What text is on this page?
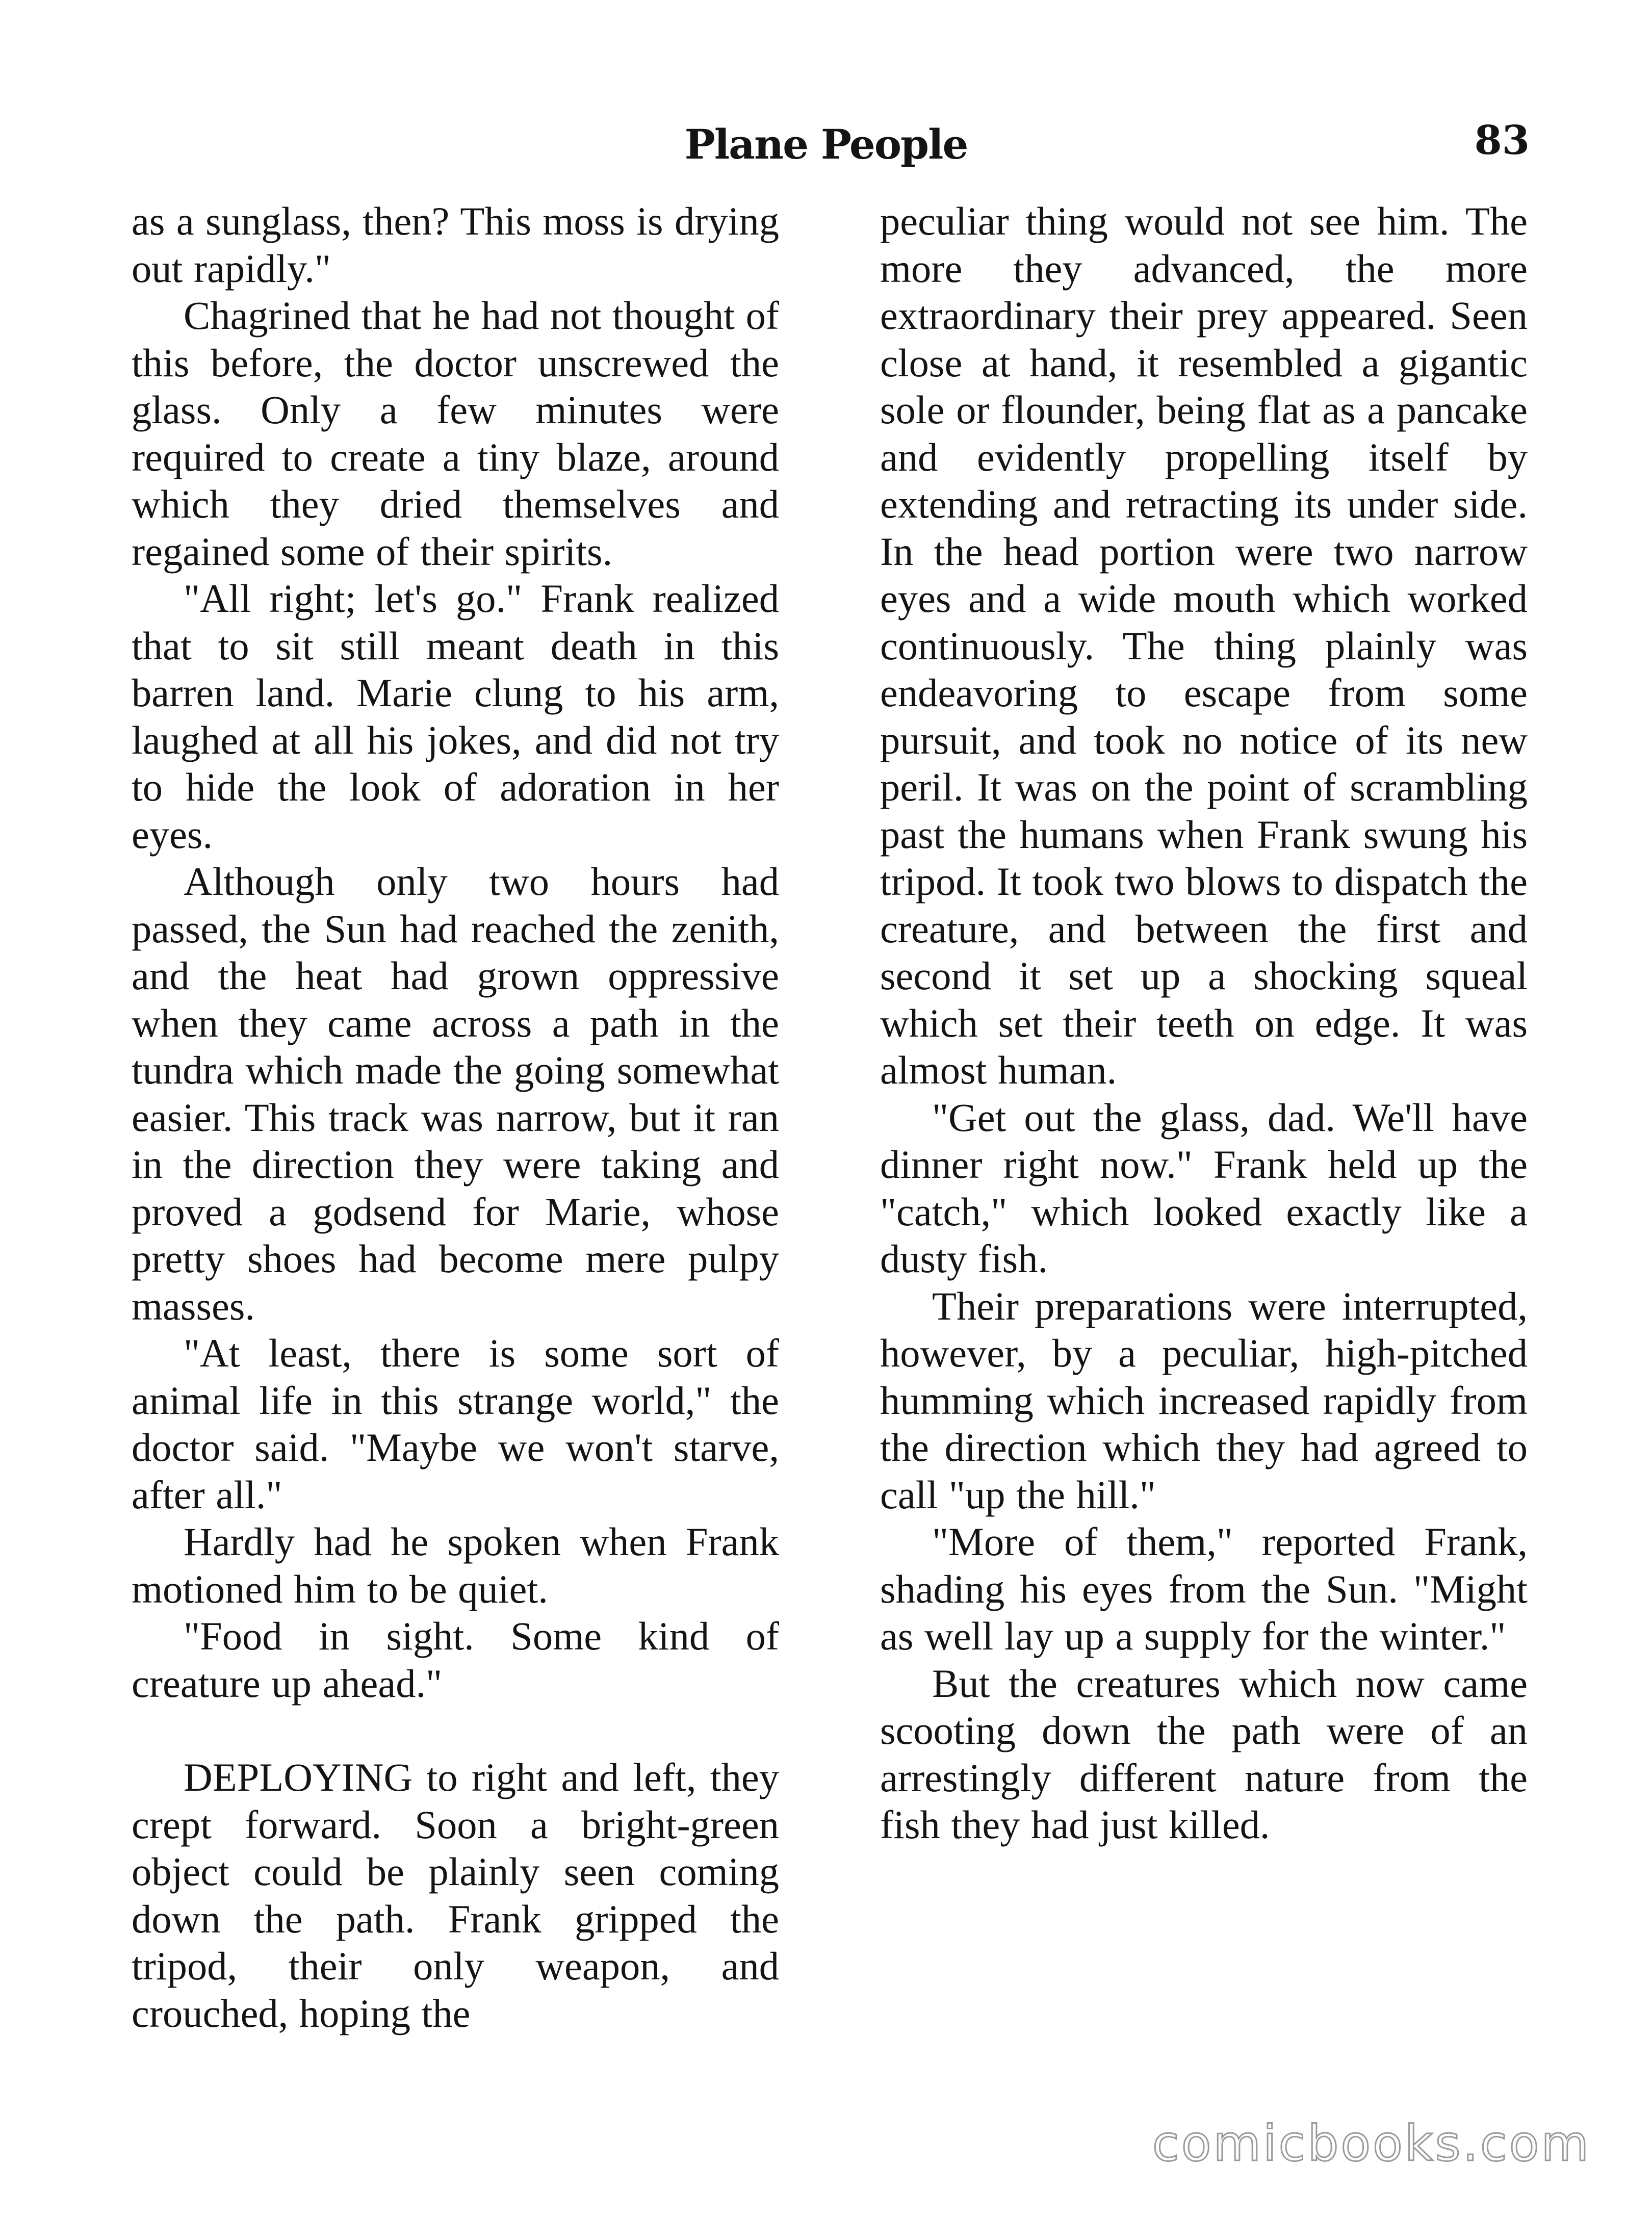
Plane People	83

as a sunglass, then? This moss is drying out rapidly."

Chagrined that he had not thought of this before, the doctor unscrewed the glass. Only a few minutes were required to create a tiny blaze, around which they dried themselves and regained some of their spirits.

"All right; let's go." Frank realized that to sit still meant death in this barren land. Marie clung to his arm, laughed at all his jokes, and did not try to hide the look of adoration in her eyes.

Although only two hours had passed, the Sun had reached the zenith, and the heat had grown oppressive when they came across a path in the tundra which made the going somewhat easier. This track was narrow, but it ran in the direction they were taking and proved a godsend for Marie, whose pretty shoes had become mere pulpy masses.

"At least, there is some sort of animal life in this strange world," the doctor said. "Maybe we won't starve, after all."

Hardly had he spoken when Frank motioned him to be quiet.

"Food in sight. Some kind of creature up ahead."

DEPLOYING to right and left, they crept forward. Soon a bright-green object could be plainly seen coming down the path. Frank gripped the tripod, their only weapon, and crouched, hoping the

peculiar thing would not see him. The more they advanced, the more extraordinary their prey appeared. Seen close at hand, it resembled a gigantic sole or flounder, being flat as a pancake and evidently propelling itself by extending and retracting its under side. In the head portion were two narrow eyes and a wide mouth which worked continuously. The thing plainly was endeavoring to escape from some pursuit, and took no notice of its new peril. It was on the point of scrambling past the humans when Frank swung his tripod. It took two blows to dispatch the creature, and between the first and second it set up a shocking squeal which set their teeth on edge. It was almost human.

"Get out the glass, dad. We'll have dinner right now." Frank held up the "catch," which looked exactly like a dusty fish.

Their preparations were interrupted, however, by a peculiar, high-pitched humming which increased rapidly from the direction which they had agreed to call "up the hill."

"More of them," reported Frank, shading his eyes from the Sun. "Might as well lay up a supply for the winter."

But the creatures which now came scooting down the path were of an arrestingly different nature from the fish they had just killed.

comicbooks.com
